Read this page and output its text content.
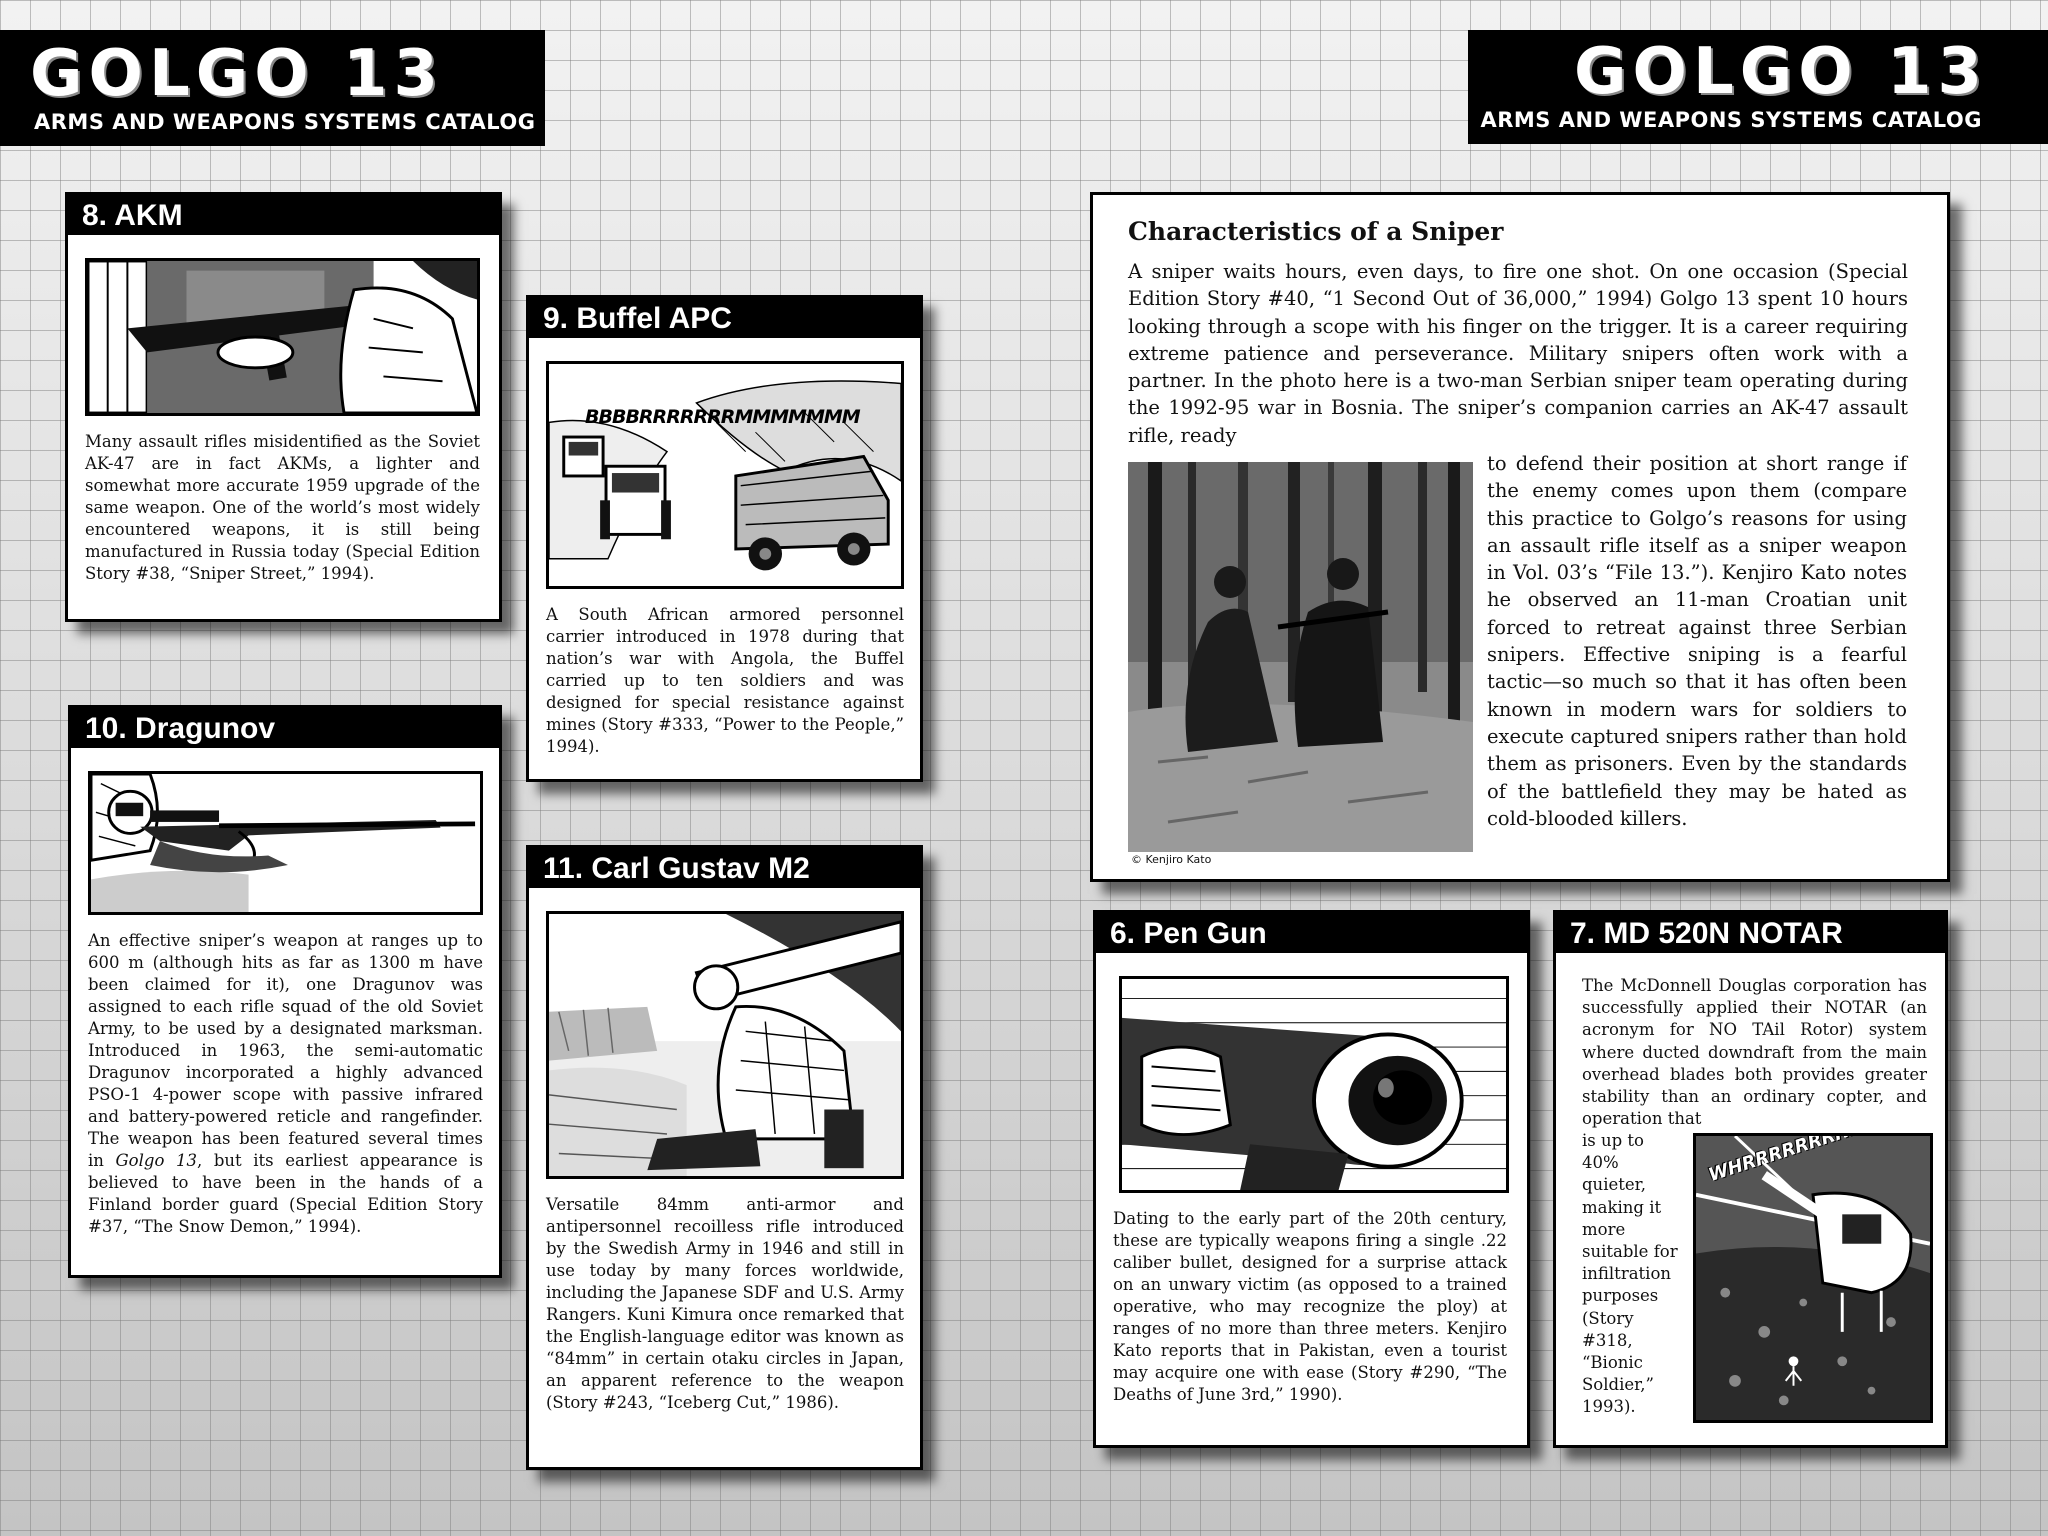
GOLGO 13
ARMS AND WEAPONS SYSTEMS CATALOG
GOLGO 13
ARMS AND WEAPONS SYSTEMS CATALOG
8. AKM
Many assault rifles misidentified as the Soviet AK-47 are in fact AKMs, a lighter and somewhat more accurate 1959 upgrade of the same weapon. One of the world’s most widely encountered weapons, it is still being manufactured in Russia today (Special Edition Story #38, “Sniper Street,” 1994).
9. Buffel APC
BBBBRRRRRRRMMMMMMM
A South African armored personnel carrier introduced in 1978 during that nation’s war with Angola, the Buffel carried up to ten soldiers and was designed for special resistance against mines (Story #333, “Power to the People,” 1994).
10. Dragunov
An effective sniper’s weapon at ranges up to 600 m (although hits as far as 1300 m have been claimed for it), one Dragunov was assigned to each rifle squad of the old Soviet Army, to be used by a designated marksman. Introduced in 1963, the semi-automatic Dragunov incorporated a highly advanced PSO-1 4-power scope with passive infrared and battery-powered reticle and rangefinder. The weapon has been featured several times in Golgo 13, but its earliest appearance is believed to have been in the hands of a Finland border guard (Special Edition Story #37, “The Snow Demon,” 1994).
11. Carl Gustav M2
Versatile 84mm anti-armor and antipersonnel recoilless rifle introduced by the Swedish Army in 1946 and still in use today by many forces worldwide, including the Japanese SDF and U.S. Army Rangers. Kuni Kimura once remarked that the English-language editor was known as “84mm” in certain otaku circles in Japan, an apparent reference to the weapon (Story #243, “Iceberg Cut,” 1986).
Characteristics of a Sniper
A sniper waits hours, even days, to fire one shot. On one occasion (Special Edition Story #40, “1 Second Out of 36,000,” 1994) Golgo 13 spent 10 hours looking through a scope with his finger on the trigger. It is a career requiring extreme patience and perseverance. Military snipers often work with a partner. In the photo here is a two-man Serbian sniper team operating during the 1992-95 war in Bosnia. The sniper’s companion carries an AK-47 assault rifle, ready
© Kenjiro Kato
to defend their position at short range if the enemy comes upon them (compare this practice to Golgo’s reasons for using an assault rifle itself as a sniper weapon in Vol. 03’s “File 13.”). Kenjiro Kato notes he observed an 11-man Croatian unit forced to retreat against three Serbian snipers. Effective sniping is a fearful tactic—so much so that it has often been known in modern wars for soldiers to execute captured snipers rather than hold them as prisoners. Even by the standards of the battlefield they may be hated as cold-blooded killers.
6. Pen Gun
Dating to the early part of the 20th century, these are typically weapons firing a single .22 caliber bullet, designed for a surprise attack on an unwary victim (as opposed to a trained operative, who may recognize the ploy) at ranges of no more than three meters. Kenjiro Kato reports that in Pakistan, even a tourist may acquire one with ease (Story #290, “The Deaths of June 3rd,” 1990).
7. MD 520N NOTAR
The McDonnell Douglas corporation has successfully applied their NOTAR (an acronym for NO TAil Rotor) system where ducted downdraft from the main overhead blades both provides greater stability than an ordinary copter, and operation that
is up to 40% quieter, making it more suitable for infiltration purposes (Story #318, “Bionic Soldier,” 1993).
